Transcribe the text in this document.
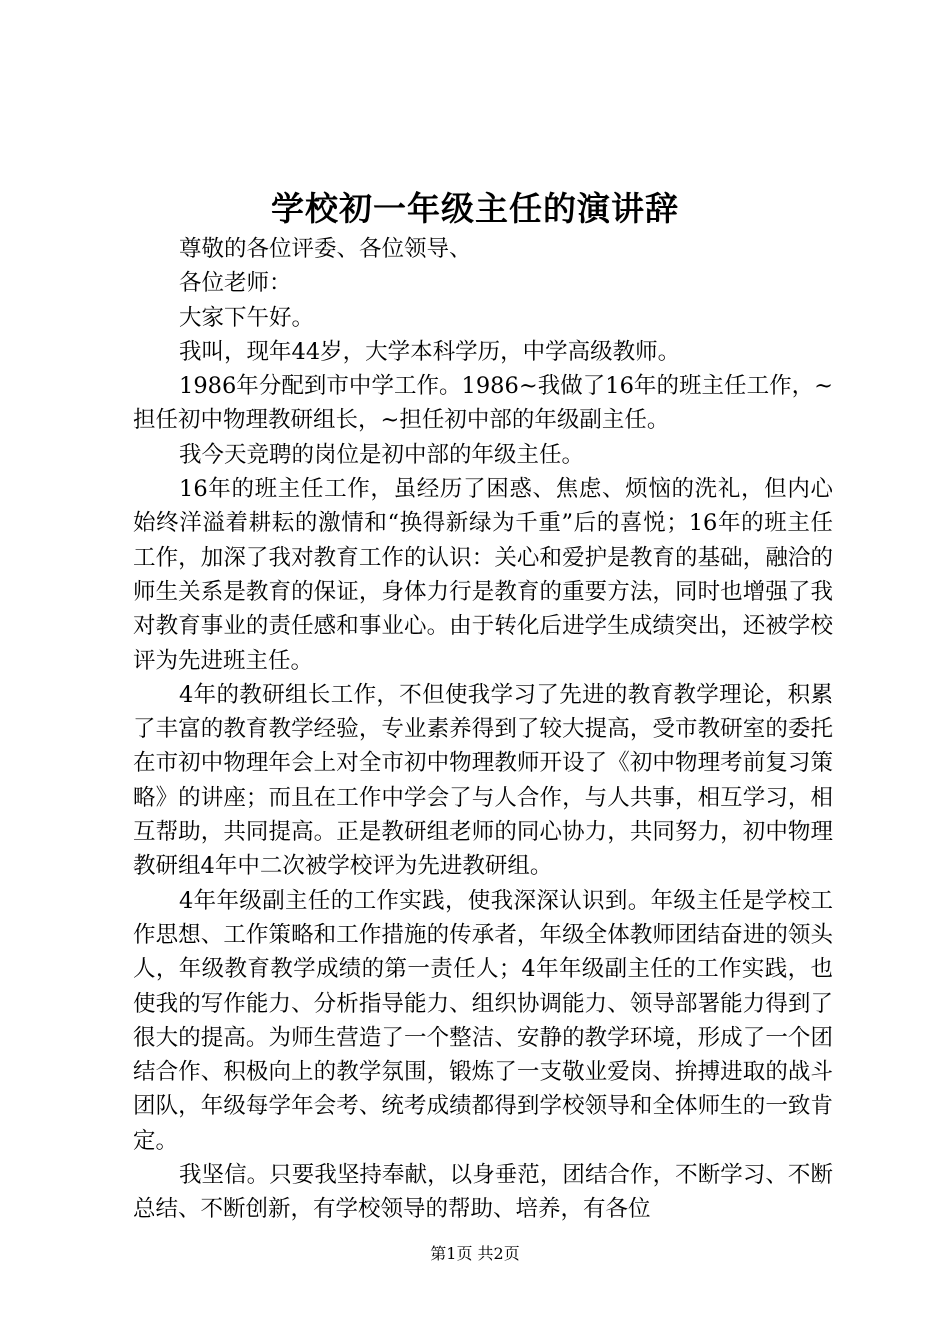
学校初一年级主任的演讲辞

尊敬的各位评委、各位领导、

各位老师：

大家下午好。

我叫，现年44岁，大学本科学历，中学高级教师。

1986年分配到市中学工作。1986~我做了16年的班主任工作，~担任初中物理教研组长，~担任初中部的年级副主任。

我今天竞聘的岗位是初中部的年级主任。

16年的班主任工作，虽经历了困惑、焦虑、烦恼的洗礼，但内心始终洋溢着耕耘的激情和“换得新绿为千重”后的喜悦；16年的班主任工作，加深了我对教育工作的认识：关心和爱护是教育的基础，融洽的师生关系是教育的保证，身体力行是教育的重要方法，同时也增强了我对教育事业的责任感和事业心。由于转化后进学生成绩突出，还被学校评为先进班主任。

4年的教研组长工作，不但使我学习了先进的教育教学理论，积累了丰富的教育教学经验，专业素养得到了较大提高，受市教研室的委托在市初中物理年会上对全市初中物理教师开设了《初中物理考前复习策略》的讲座；而且在工作中学会了与人合作，与人共事，相互学习，相互帮助，共同提高。正是教研组老师的同心协力，共同努力，初中物理教研组4年中二次被学校评为先进教研组。

4年年级副主任的工作实践，使我深深认识到。年级主任是学校工作思想、工作策略和工作措施的传承者，年级全体教师团结奋进的领头人，年级教育教学成绩的第一责任人；4年年级副主任的工作实践，也使我的写作能力、分析指导能力、组织协调能力、领导部署能力得到了很大的提高。为师生营造了一个整洁、安静的教学环境，形成了一个团结合作、积极向上的教学氛围，锻炼了一支敬业爱岗、拚搏进取的战斗团队，年级每学年会考、统考成绩都得到学校领导和全体师生的一致肯定。

我坚信。只要我坚持奉献，以身垂范，团结合作，不断学习、不断总结、不断创新，有学校领导的帮助、培养，有各位

第1页 共2页
